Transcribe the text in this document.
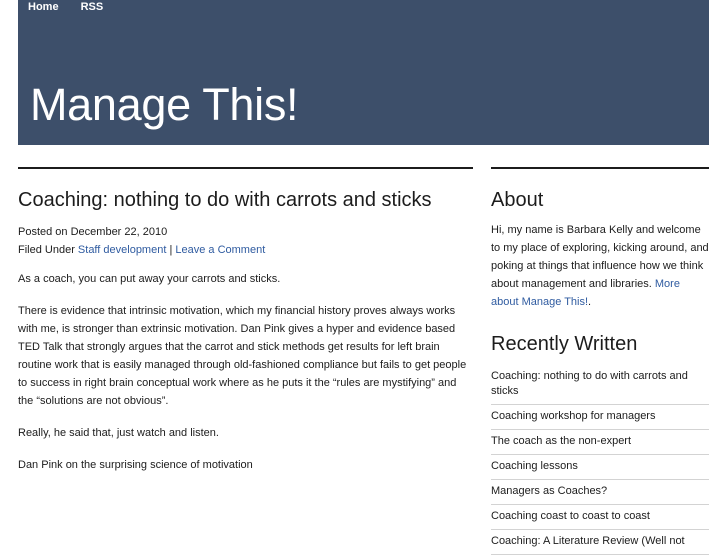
Home RSS
Manage This!
Coaching: nothing to do with carrots and sticks
Posted on December 22, 2010
Filed Under Staff development | Leave a Comment

As a coach, you can put away your carrots and sticks.

There is evidence that intrinsic motivation, which my financial history proves always works with me, is stronger than extrinsic motivation. Dan Pink gives a hyper and evidence based TED Talk that strongly argues that the carrot and stick methods get results for left brain routine work that is easily managed through old-fashioned compliance but fails to get people to success in right brain conceptual work where as he puts it the “rules are mystifying” and the “solutions are not obvious”.

Really, he said that, just watch and listen.

Dan Pink on the surprising science of motivation

About

Hi, my name is Barbara Kelly and welcome to my place of exploring, kicking around, and poking at things that influence how we think about management and libraries. More about Manage This!.

Recently Written
Coaching: nothing to do with carrots and sticks
Coaching workshop for managers
The coach as the non-expert
Coaching lessons
Managers as Coaches?
Coaching coast to coast to coast
Coaching: A Literature Review (Well not
